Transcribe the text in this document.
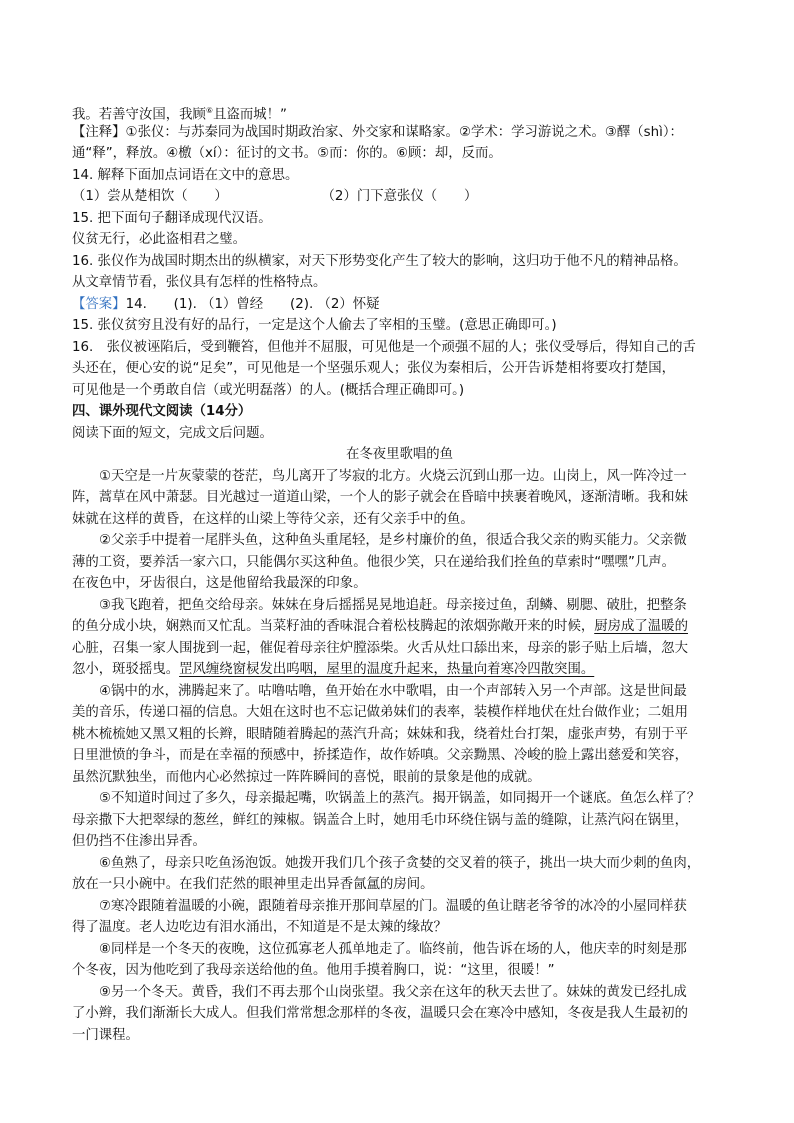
我。若善守汝国，我顾⑥且盗而城！”
【注释】①张仪：与苏秦同为战国时期政治家、外交家和谋略家。②学术：学习游说之术。③醳（shì）：
通“释”，释放。④檄（xí）：征讨的文书。⑤而：你的。⑥顾：却，反而。
14. 解释下面加点词语在文中的意思。
（1）尝从楚相饮（　　）　　　　　　　　（2）门下意张仪（　　）
15. 把下面句子翻译成现代汉语。
仪贫无行，必此盗相君之璧。
16. 张仪作为战国时期杰出的纵横家，对天下形势变化产生了较大的影响，这归功于他不凡的精神品格。
从文章情节看，张仪具有怎样的性格特点。
【答案】14.　　(1). （1）曾经　　(2). （2）怀疑
15. 张仪贫穷且没有好的品行，一定是这个人偷去了宰相的玉璧。(意思正确即可。)
16.　张仪被诬陷后，受到鞭笞，但他并不屈服，可见他是一个顽强不屈的人；张仪受辱后，得知自己的舌
头还在，便心安的说“足矣”，可见他是一个坚强乐观人；张仪为秦相后，公开告诉楚相将要攻打楚国，
可见他是一个勇敢自信（或光明磊落）的人。(概括合理正确即可。)
四、课外现代文阅读（14分）
阅读下面的短文，完成文后问题。
在冬夜里歌唱的鱼
①天空是一片灰蒙蒙的苍茫，鸟儿离开了岑寂的北方。火烧云沉到山那一边。山岗上，风一阵冷过一
阵，蒿草在风中萧瑟。目光越过一道道山梁，一个人的影子就会在昏暗中挟裹着晚风，逐渐清晰。我和妹
妹就在这样的黄昏，在这样的山梁上等待父亲，还有父亲手中的鱼。
②父亲手中提着一尾胖头鱼，这种鱼头重尾轻，是乡村廉价的鱼，很适合我父亲的购买能力。父亲微
薄的工资，要养活一家六口，只能偶尔买这种鱼。他很少笑，只在递给我们拴鱼的草索时“嘿嘿”几声。
在夜色中，牙齿很白，这是他留给我最深的印象。
③我飞跑着，把鱼交给母亲。妹妹在身后摇摇晃晃地追赶。母亲接过鱼，刮鳞、剔腮、破肚，把整条
的鱼分成小块，娴熟而又忙乱。当菜籽油的香味混合着松枝腾起的浓烟弥敞开来的时候，厨房成了温暖的
心脏，召集一家人围拢到一起，催促着母亲往炉膛添柴。火舌从灶口舔出来，母亲的影子贴上后墙，忽大
忽小，斑驳摇曳。罡风缠绕窗棂发出呜咽，屋里的温度升起来，热量向着寒冷四散突围。
④锅中的水，沸腾起来了。咕噜咕噜，鱼开始在水中歌唱，由一个声部转入另一个声部。这是世间最
美的音乐，传递口福的信息。大姐在这时也不忘记做弟妹们的表率，装模作样地伏在灶台做作业；二姐用
桃木梳梳她又黑又粗的长辫，眼睛随着腾起的蒸汽升高；妹妹和我，绕着灶台打架，虚张声势，有别于平
日里泄愤的争斗，而是在幸福的预感中，挢揉造作，故作娇嗔。父亲黝黑、冷峻的脸上露出慈爱和笑容，
虽然沉默独坐，而他内心必然掠过一阵阵瞬间的喜悦，眼前的景象是他的成就。
⑤不知道时间过了多久，母亲撮起嘴，吹锅盖上的蒸汽。揭开锅盖，如同揭开一个谜底。鱼怎么样了？
母亲撒下大把翠绿的葱丝，鲜红的辣椒。锅盖合上时，她用毛巾环绕住锅与盖的缝隙，让蒸汽闷在锅里，
但仍挡不住渗出异香。
⑥鱼熟了，母亲只吃鱼汤泡饭。她拨开我们几个孩子贪婪的交叉着的筷子，挑出一块大而少刺的鱼肉，
放在一只小碗中。在我们茫然的眼神里走出异香氤氲的房间。
⑦寒冷跟随着温暖的小碗，跟随着母亲推开那间草屋的门。温暖的鱼让瞎老爷爷的冰冷的小屋同样获
得了温度。老人边吃边有泪水涌出，不知道是不是太辣的缘故？
⑧同样是一个冬天的夜晚，这位孤寡老人孤单地走了。临终前，他告诉在场的人，他庆幸的时刻是那
个冬夜，因为他吃到了我母亲送给他的鱼。他用手摸着胸口，说：“这里，很暖！”
⑨另一个冬天。黄昏，我们不再去那个山岗张望。我父亲在这年的秋天去世了。妹妹的黄发已经扎成
了小辫，我们渐渐长大成人。但我们常常想念那样的冬夜，温暖只会在寒冷中感知，冬夜是我人生最初的
一门课程。
